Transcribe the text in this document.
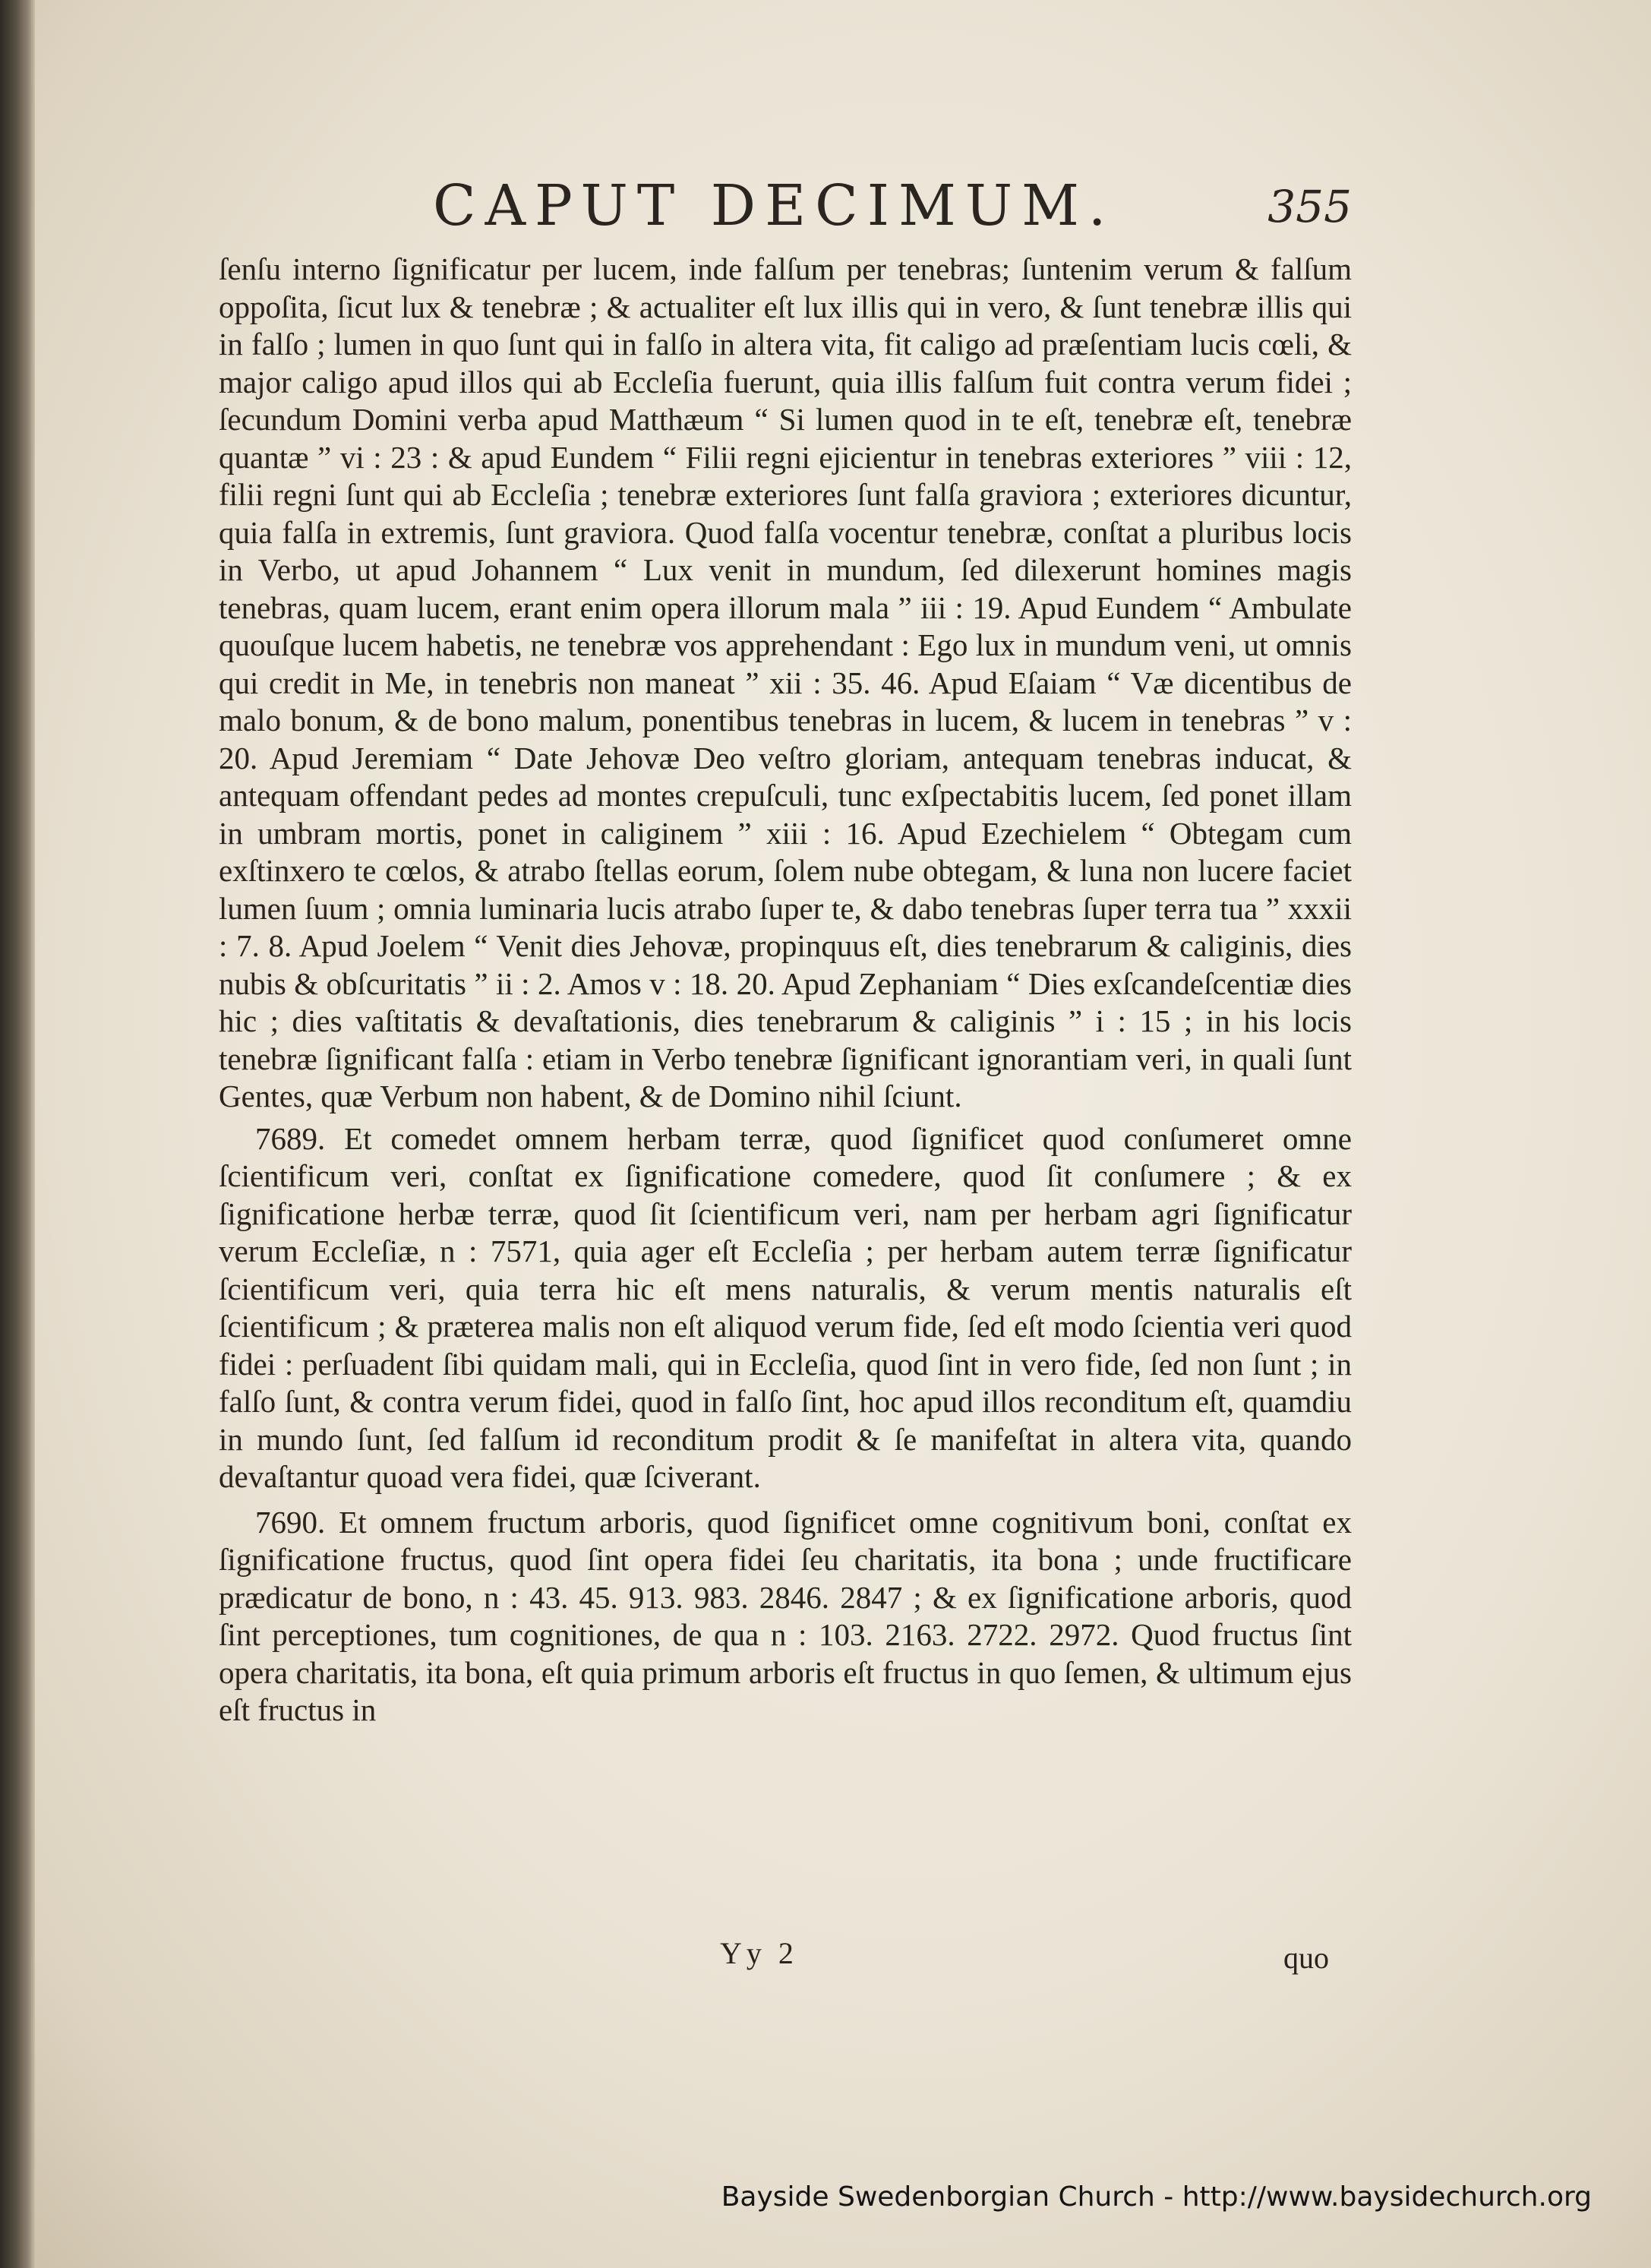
CAPUT DECIMUM.	355

ſenſu interno ſignificatur per lucem, inde falſum per tenebras; ſuntenim verum & falſum oppoſita, ſicut lux & tenebræ ; & actualiter eſt lux illis qui in vero, & ſunt tenebræ illis qui in falſo ; lumen in quo ſunt qui in falſo in altera vita, fit caligo ad præſentiam lucis cœli, & major caligo apud illos qui ab Eccleſia fuerunt, quia illis falſum fuit contra verum fidei ; ſecundum Domini verba apud Matthæum “ Si lumen quod in te eſt, tenebræ eſt, tenebræ quantæ ” vi : 23 : & apud Eundem “ Filii regni ejicientur in tenebras exteriores ” viii : 12, filii regni ſunt qui ab Eccleſia ; tenebræ exteriores ſunt falſa graviora ; exteriores dicuntur, quia falſa in extremis, ſunt graviora. Quod falſa vocentur tenebræ, conſtat a pluribus locis in Verbo, ut apud Johannem “ Lux venit in mundum, ſed dilexerunt homines magis tenebras, quam lucem, erant enim opera illorum mala ” iii : 19. Apud Eundem “ Ambulate quouſque lucem habetis, ne tenebræ vos apprehendant : Ego lux in mundum veni, ut omnis qui credit in Me, in tenebris non maneat ” xii : 35. 46. Apud Eſaiam “ Væ dicentibus de malo bonum, & de bono malum, ponentibus tenebras in lucem, & lucem in tenebras ” v : 20. Apud Jeremiam “ Date Jehovæ Deo veſtro gloriam, antequam tenebras inducat, & antequam offendant pedes ad montes crepuſculi, tunc exſpectabitis lucem, ſed ponet illam in umbram mortis, ponet in caliginem ” xiii : 16. Apud Ezechielem “ Obtegam cum exſtinxero te cœlos, & atrabo ſtellas eorum, ſolem nube obtegam, & luna non lucere faciet lumen ſuum ; omnia luminaria lucis atrabo ſuper te, & dabo tenebras ſuper terra tua ” xxxii : 7. 8. Apud Joelem “ Venit dies Jehovæ, propinquus eſt, dies tenebrarum & caliginis, dies nubis & obſcuritatis ” ii : 2. Amos v : 18. 20. Apud Zephaniam “ Dies exſcandeſcentiæ dies hic ; dies vaſtitatis & devaſtationis, dies tenebrarum & caliginis ” i : 15 ; in his locis tenebræ ſignificant falſa : etiam in Verbo tenebræ ſignificant ignorantiam veri, in quali ſunt Gentes, quæ Verbum non habent, & de Domino nihil ſciunt.

7689. Et comedet omnem herbam terræ, quod ſignificet quod conſumeret omne ſcientificum veri, conſtat ex ſignificatione comedere, quod ſit conſumere ; & ex ſignificatione herbæ terræ, quod ſit ſcientificum veri, nam per herbam agri ſignificatur verum Eccleſiæ, n : 7571, quia ager eſt Eccleſia ; per herbam autem terræ ſignificatur ſcientificum veri, quia terra hic eſt mens naturalis, & verum mentis naturalis eſt ſcientificum ; & præterea malis non eſt aliquod verum fide, ſed eſt modo ſcientia veri quod fidei : perſuadent ſibi quidam mali, qui in Eccleſia, quod ſint in vero fide, ſed non ſunt ; in falſo ſunt, & contra verum fidei, quod in falſo ſint, hoc apud illos reconditum eſt, quamdiu in mundo ſunt, ſed falſum id reconditum prodit & ſe manifeſtat in altera vita, quando devaſtantur quoad vera fidei, quæ ſciverant.

7690. Et omnem fructum arboris, quod ſignificet omne cognitivum boni, conſtat ex ſignificatione fructus, quod ſint opera fidei ſeu charitatis, ita bona ; unde fructificare prædicatur de bono, n : 43. 45. 913. 983. 2846. 2847 ; & ex ſignificatione arboris, quod ſint perceptiones, tum cognitiones, de qua n : 103. 2163. 2722. 2972. Quod fructus ſint opera charitatis, ita bona, eſt quia primum arboris eſt fructus in quo ſemen, & ultimum ejus eſt fructus in

Yy 2	quo
Bayside Swedenborgian Church - http://www.baysidechurch.org
